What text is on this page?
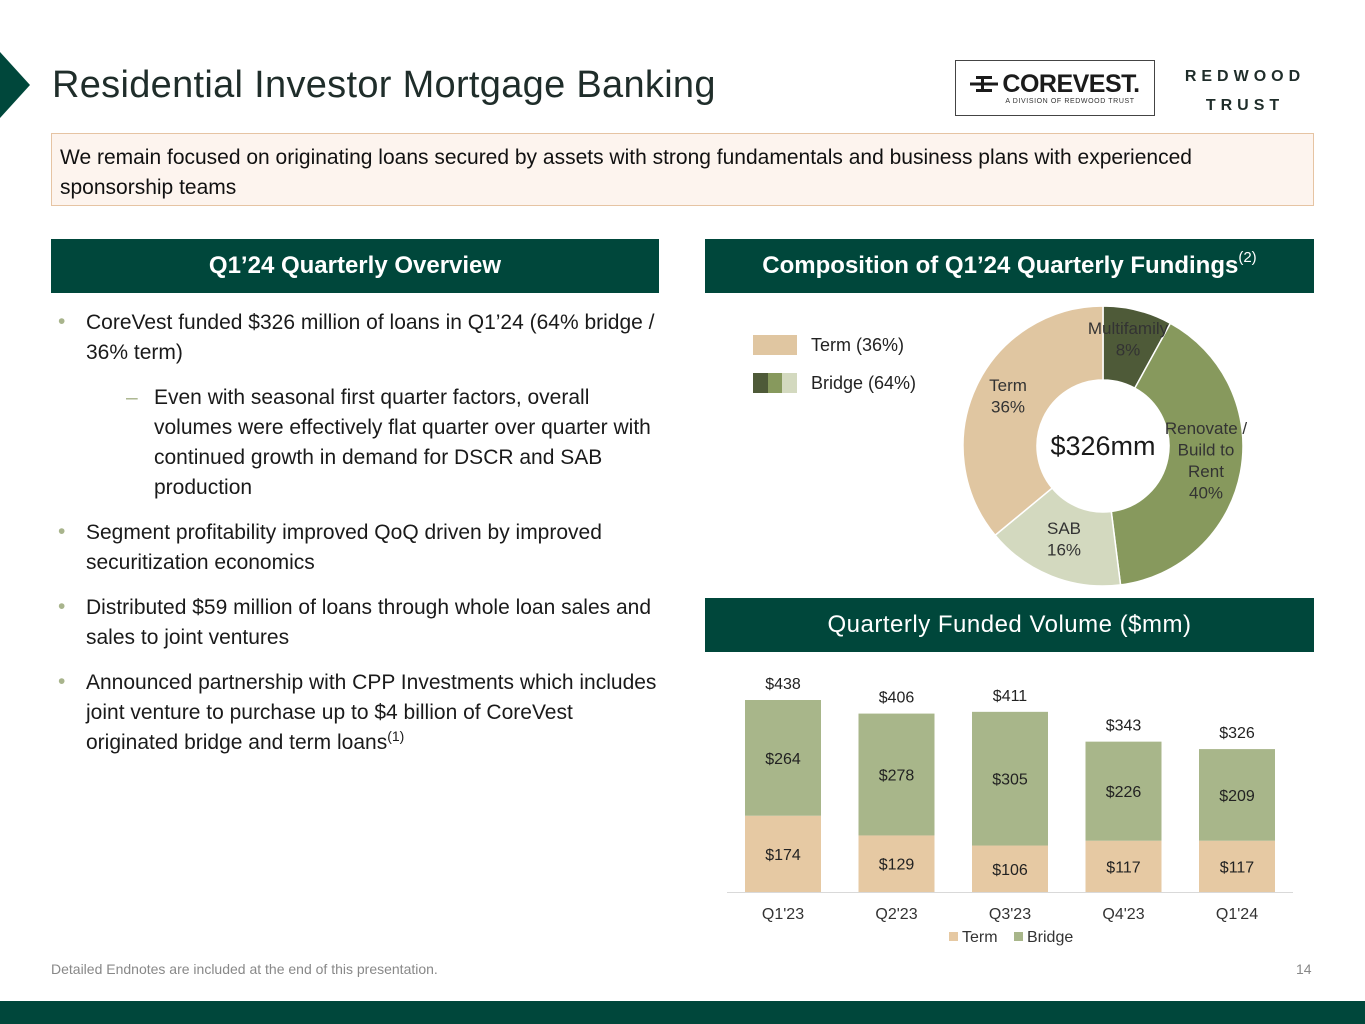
Residential Investor Mortgage Banking	COREVEST.
A DIVISION OF REDWOOD TRUST
REDWOOD
TRUST
We remain focused on originating loans secured by assets with strong fundamentals and business plans with experienced sponsorship teams
Q1’24 Quarterly Overview
• CoreVest funded $326 million of loans in Q1’24 (64% bridge / 36% term)
– Even with seasonal first quarter factors, overall volumes were effectively flat quarter over quarter with continued growth in demand for DSCR and SAB production
• Segment profitability improved QoQ driven by improved securitization economics
• Distributed $59 million of loans through whole loan sales and sales to joint ventures
• Announced partnership with CPP Investments which includes joint venture to purchase up to $4 billion of CoreVest originated bridge and term loans$^{(1)}$
Composition of Q1’24 Quarterly Fundings$^{(2)}$
Term (36%)
Bridge (64%)
Multifamily 8%
Renovate / Build to Rent 40%
SAB 16%
Term 36%
$326mm
Quarterly Funded Volume ($mm)
$174
$264
$438
Q1'23
$129
$278
$406
Q2'23
$106
$305
$411
Q3'23
$117
$226
$343
Q4'23
$117
$209
$326
Q1'24
Term Bridge
Detailed Endnotes are included at the end of this presentation.	14
